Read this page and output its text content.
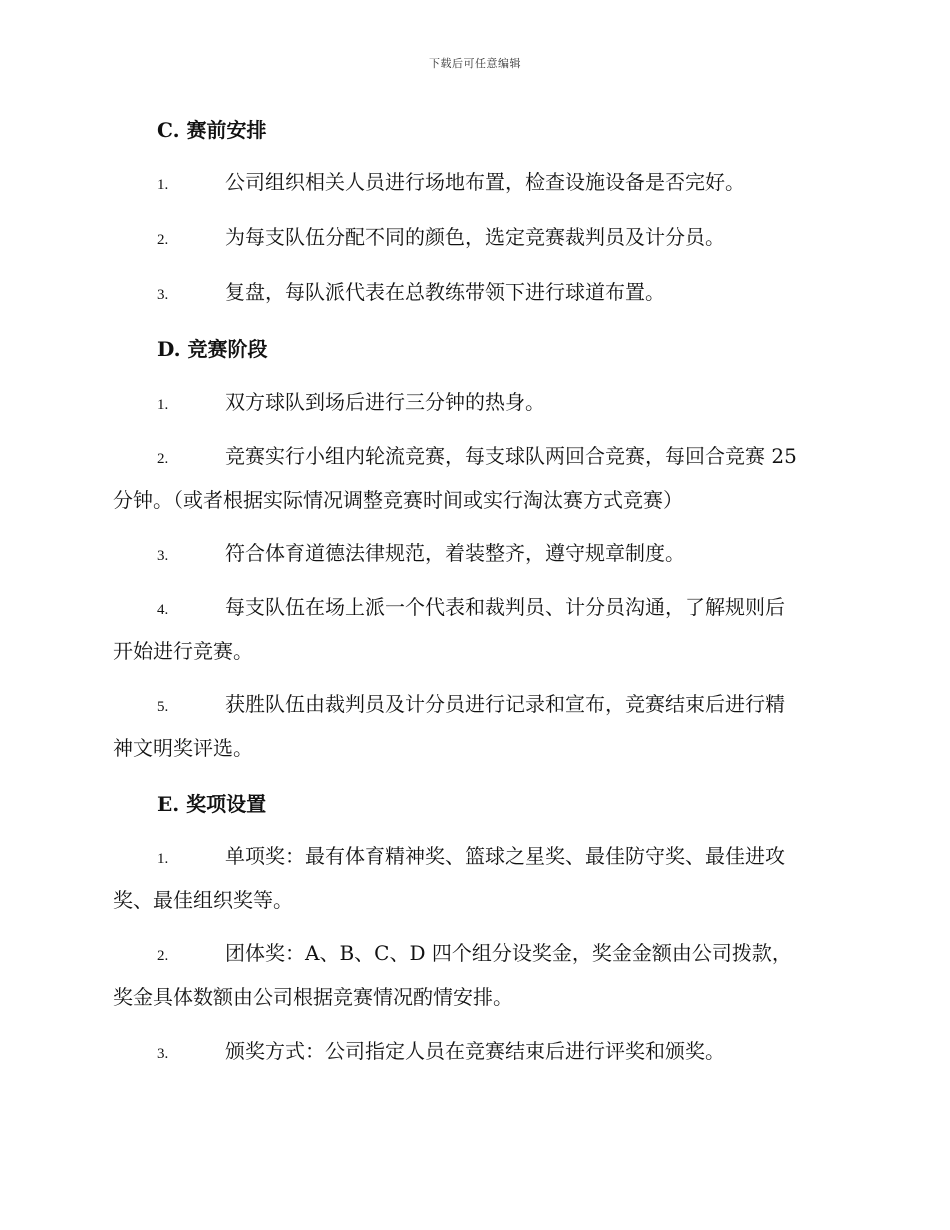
下载后可任意编辑
C. 赛前安排
1.	公司组织相关人员进行场地布置，检查设施设备是否完好。
2.	为每支队伍分配不同的颜色，选定竞赛裁判员及计分员。
3.	复盘，每队派代表在总教练带领下进行球道布置。
D. 竞赛阶段
1.	双方球队到场后进行三分钟的热身。
2.	竞赛实行小组内轮流竞赛，每支球队两回合竞赛，每回合竞赛 25
分钟。（或者根据实际情况调整竞赛时间或实行淘汰赛方式竞赛）
3.	符合体育道德法律规范，着装整齐，遵守规章制度。
4.	每支队伍在场上派一个代表和裁判员、计分员沟通，了解规则后
开始进行竞赛。
5.	获胜队伍由裁判员及计分员进行记录和宣布，竞赛结束后进行精
神文明奖评选。
E. 奖项设置
1.	单项奖：最有体育精神奖、篮球之星奖、最佳防守奖、最佳进攻
奖、最佳组织奖等。
2.	团体奖：A、B、C、D 四个组分设奖金，奖金金额由公司拨款，
奖金具体数额由公司根据竞赛情况酌情安排。
3.	颁奖方式：公司指定人员在竞赛结束后进行评奖和颁奖。
